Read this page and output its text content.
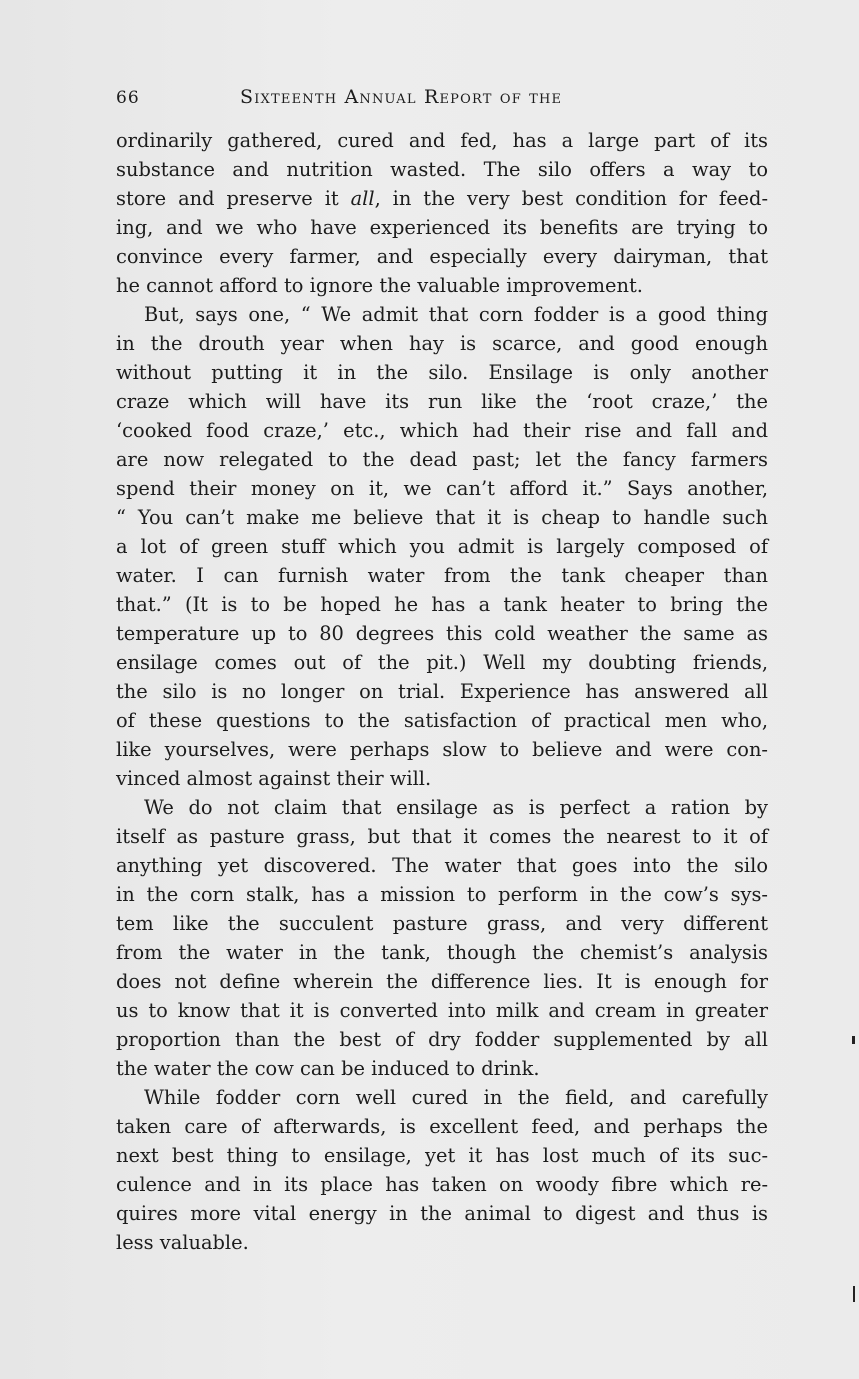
66	Sixteenth Annual Report of the

ordinarily gathered, cured and fed, has a large part of its
substance and nutrition wasted. The silo offers a way to
store and preserve it all, in the very best condition for feed-
ing, and we who have experienced its benefits are trying to
convince every farmer, and especially every dairyman, that
he cannot afford to ignore the valuable improvement.

But, says one, “ We admit that corn fodder is a good thing
in the drouth year when hay is scarce, and good enough
without putting it in the silo. Ensilage is only another
craze which will have its run like the ‘root craze,’ the
‘cooked food craze,’ etc., which had their rise and fall and
are now relegated to the dead past; let the fancy farmers
spend their money on it, we can’t afford it.” Says another,
“ You can’t make me believe that it is cheap to handle such
a lot of green stuff which you admit is largely composed of
water. I can furnish water from the tank cheaper than
that.” (It is to be hoped he has a tank heater to bring the
temperature up to 80 degrees this cold weather the same as
ensilage comes out of the pit.) Well my doubting friends,
the silo is no longer on trial. Experience has answered all
of these questions to the satisfaction of practical men who,
like yourselves, were perhaps slow to believe and were con-
vinced almost against their will.

We do not claim that ensilage as is perfect a ration by
itself as pasture grass, but that it comes the nearest to it of
anything yet discovered. The water that goes into the silo
in the corn stalk, has a mission to perform in the cow’s sys-
tem like the succulent pasture grass, and very different
from the water in the tank, though the chemist’s analysis
does not define wherein the difference lies. It is enough for
us to know that it is converted into milk and cream in greater
proportion than the best of dry fodder supplemented by all
the water the cow can be induced to drink.

While fodder corn well cured in the field, and carefully
taken care of afterwards, is excellent feed, and perhaps the
next best thing to ensilage, yet it has lost much of its suc-
culence and in its place has taken on woody fibre which re-
quires more vital energy in the animal to digest and thus is
less valuable.
